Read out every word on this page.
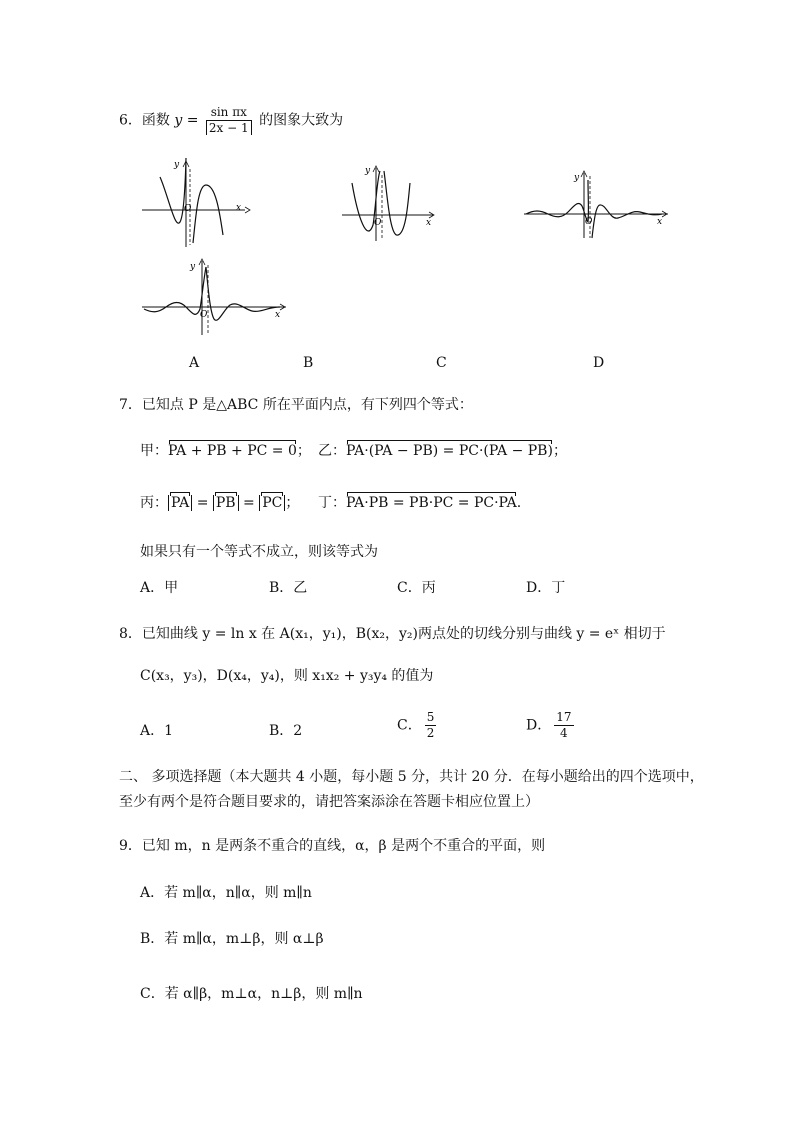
6．函数 $y = \frac{\text{sin πx}}{2x - 1}$ 的图象大致为
y
O	x
y
O	x
y
O	x
y
O	x
A	B	C	D
7．已知点 P 是△ABC 所在平面内点，有下列四个等式：
甲：PA + PB + PC = 0； 乙：PA·(PA − PB) = PC·(PA − PB)；
丙： PA = PB = PC ； 丁：PA·PB = PB·PC = PC·PA.
如果只有一个等式不成立，则该等式为
A．甲	B．乙	C．丙	D．丁
8．已知曲线 y = ln x 在 A(x₁，y₁)，B(x₂，y₂)两点处的切线分别与曲线 y = eˣ 相切于
C(x₃，y₃)，D(x₄，y₄)，则 x₁x₂ + y₃y₄ 的值为
A．1	B．2	C． $\frac{5}{2}$	D． $\frac{17}{4}$
二、 多项选择题（本大题共 4 小题，每小题 5 分，共计 20 分．在每小题给出的四个选项中，
至少有两个是符合题目要求的，请把答案添涂在答题卡相应位置上）
9．已知 m，n 是两条不重合的直线，α，β 是两个不重合的平面，则
A．若 m∥α，n∥α，则 m∥n
B．若 m∥α，m⊥β，则 α⊥β
C．若 α∥β，m⊥α，n⊥β，则 m∥n
